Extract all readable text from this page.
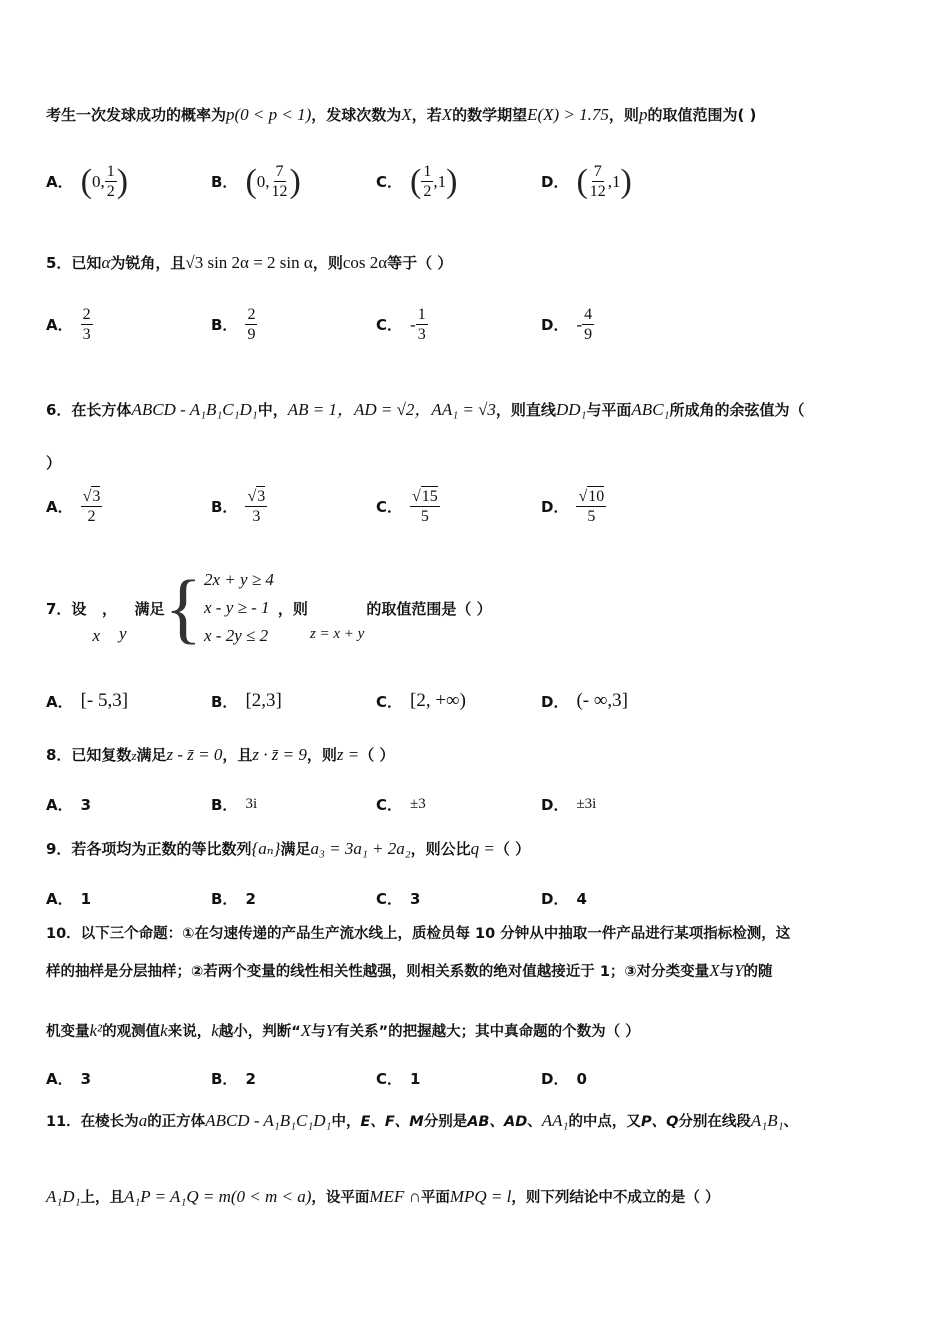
考生一次发球成功的概率为p(0 < p < 1)，发球次数为X，若X的数学期望E(X) > 1.75，则p的取值范围为( )
A． ( 0, $\frac{1}{2}$ )	B． ( 0, $\frac{7}{12}$ )	C． ( $\frac{1}{2} ,1$ )	D． ( $\frac{7}{12} ,1$ )
5．已知α为锐角，且√3 sin 2α = 2 sin α，则cos 2α等于（ ）
A． $\frac{2}{3}$	B． $\frac{2}{9}$	C． - $\frac{1}{3}$	D． - $\frac{4}{9}$
6．在长方体ABCD - A₁B₁C₁D₁中，AB = 1，AD = √2，AA₁ = √3，则直线DD₁与平面ABC₁所成角的余弦值为（
）
A． $\frac{√ 3}{2}$	B． $\frac{√ 3}{3}$	C． $\frac{√ 15}{5}$	D． $\frac{√ 10}{5}$
7．设
x
，
y
满足 { 2x + y ≥ 4
x - y ≥ - 1
x - 2y ≤ 2
，则
z = x + y
的取值范围是（ ）
A． [- 5,3]	B． [2,3]	C． [2, +∞)	D． (- ∞,3]
8．已知复数z满足z - z̄ = 0，且z · z̄ = 9，则z =（ ）
A． 3	B． 3i	C． ±3	D． ±3i
9．若各项均为正数的等比数列{aₙ}满足a₃ = 3a₁ + 2a₂，则公比q =（ ）
A． 1	B． 2	C． 3	D． 4
10．以下三个命题：①在匀速传递的产品生产流水线上，质检员每 10 分钟从中抽取一件产品进行某项指标检测，这
样的抽样是分层抽样；②若两个变量的线性相关性越强，则相关系数的绝对值越接近于 1；③对分类变量X与Y的随
机变量k²的观测值k来说，k越小，判断“X与Y有关系”的把握越大；其中真命题的个数为（ ）
A． 3	B． 2	C． 1	D． 0
11．在棱长为a的正方体ABCD - A₁B₁C₁D₁中，E、F、M分别是AB、AD、AA₁的中点，又P、Q分别在线段A₁B₁、
A₁D₁上，且A₁P = A₁Q = m(0 < m < a)，设平面MEF ∩平面MPQ = l，则下列结论中不成立的是（ ）
